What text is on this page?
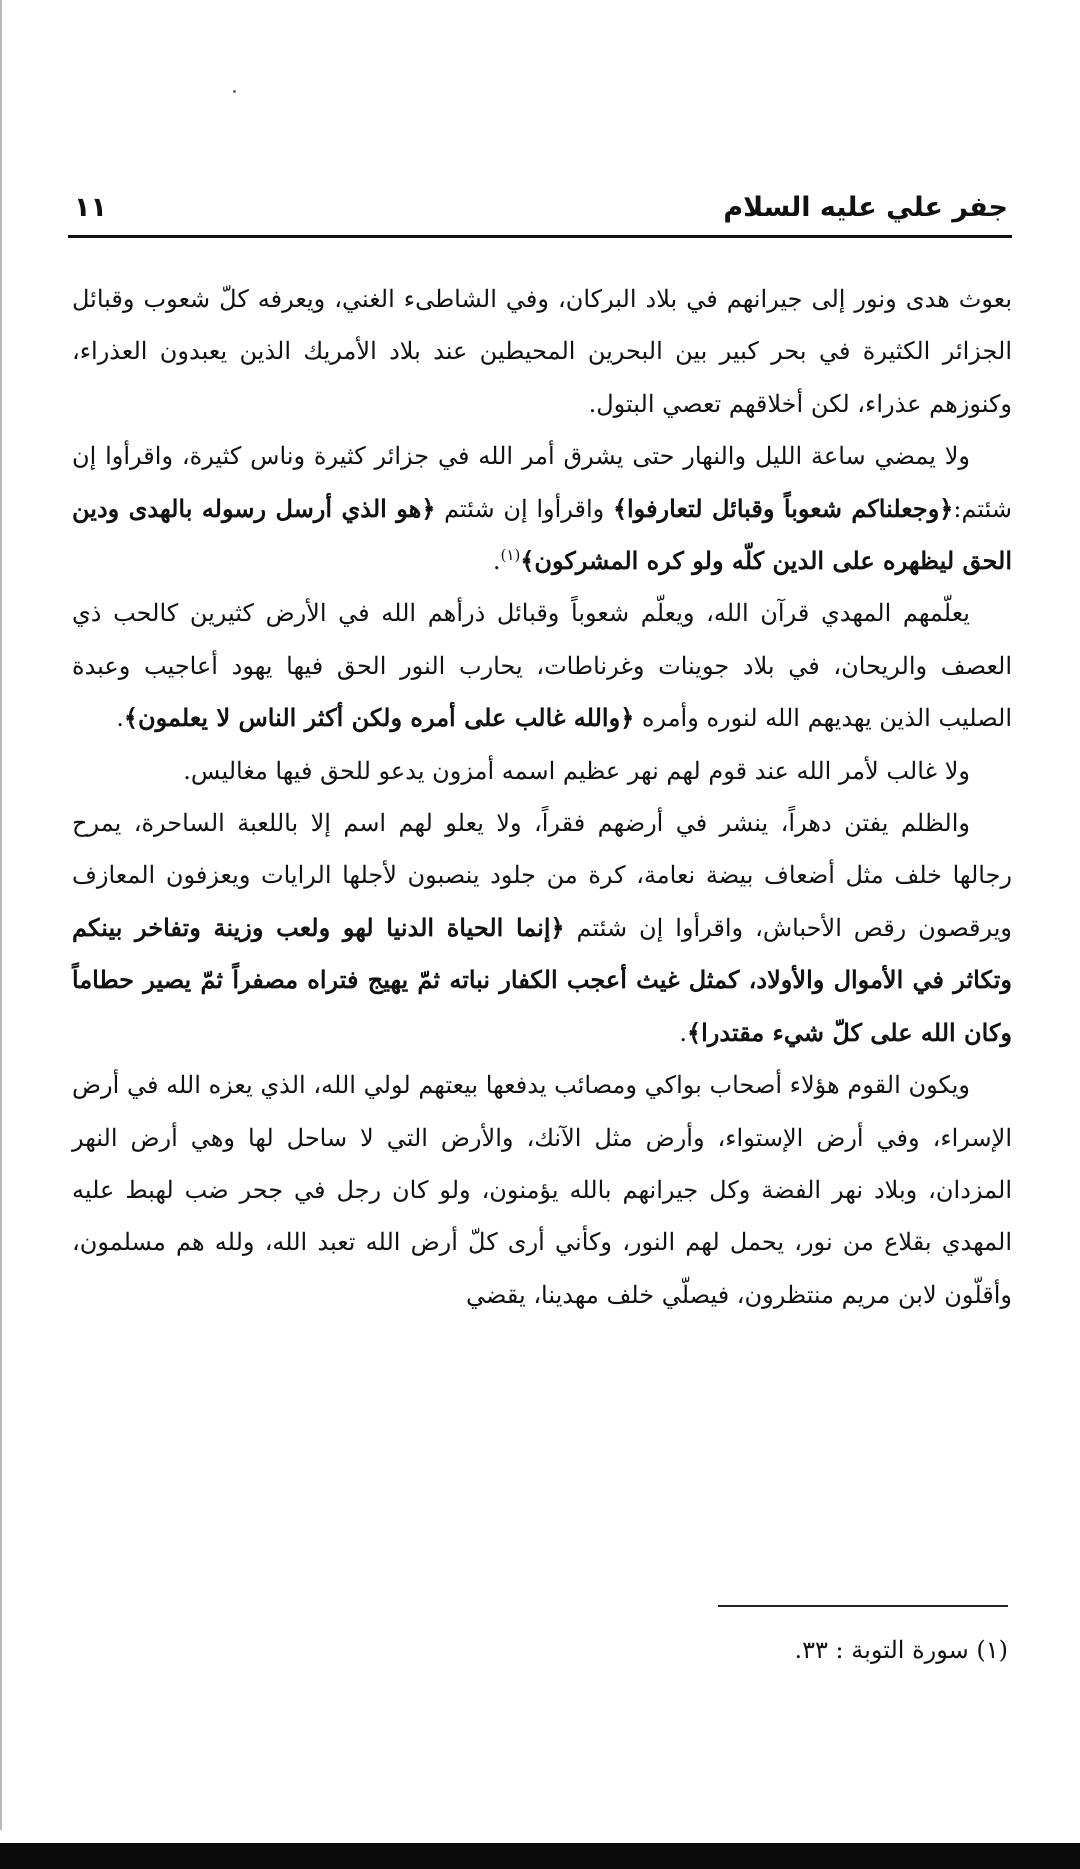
جفر علي عليه السلام
١١

بعوث هدى ونور إلى جيرانهم في بلاد البركان، وفي الشاطىء الغني، ويعرفه كلّ شعوب وقبائل الجزائر الكثيرة في بحر كبير بين البحرين المحيطين عند بلاد الأمريك الذين يعبدون العذراء، وكنوزهم عذراء، لكن أخلاقهم تعصي البتول.

ولا يمضي ساعة الليل والنهار حتى يشرق أمر الله في جزائر كثيرة وناس كثيرة، واقرأوا إن شئتم:﴿وجعلناكم شعوباً وقبائل لتعارفوا﴾ واقرأوا إن شئتم ﴿هو الذي أرسل رسوله بالهدى ودين الحق ليظهره على الدين كلّه ولو كره المشركون﴾$^{(١)}$.

يعلّمهم المهدي قرآن الله، ويعلّم شعوباً وقبائل ذرأهم الله في الأرض كثيرين كالحب ذي العصف والريحان، في بلاد جوينات وغرناطات، يحارب النور الحق فيها يهود أعاجيب وعبدة الصليب الذين يهديهم الله لنوره وأمره ﴿والله غالب على أمره ولكن أكثر الناس لا يعلمون﴾.

ولا غالب لأمر الله عند قوم لهم نهر عظيم اسمه أمزون يدعو للحق فيها مغاليس.

والظلم يفتن دهراً، ينشر في أرضهم فقراً، ولا يعلو لهم اسم إلا باللعبة الساحرة، يمرح رجالها خلف مثل أضعاف بيضة نعامة، كرة من جلود ينصبون لأجلها الرايات ويعزفون المعازف ويرقصون رقص الأحباش، واقرأوا إن شئتم ﴿إنما الحياة الدنيا لهو ولعب وزينة وتفاخر بينكم وتكاثر في الأموال والأولاد، كمثل غيث أعجب الكفار نباته ثمّ يهيج فتراه مصفراً ثمّ يصير حطاماً وكان الله على كلّ شيء مقتدرا﴾.

ويكون القوم هؤلاء أصحاب بواكي ومصائب يدفعها بيعتهم لولي الله، الذي يعزه الله في أرض الإسراء، وفي أرض الإستواء، وأرض مثل الآنك، والأرض التي لا ساحل لها وهي أرض النهر المزدان، وبلاد نهر الفضة وكل جيرانهم بالله يؤمنون، ولو كان رجل في جحر ضب لهبط عليه المهدي بقلاع من نور، يحمل لهم النور، وكأني أرى كلّ أرض الله تعبد الله، ولله هم مسلمون، وأقلّون لابن مريم منتظرون، فيصلّي خلف مهدينا، يقضي

(١) سورة التوبة : ٣٣.
